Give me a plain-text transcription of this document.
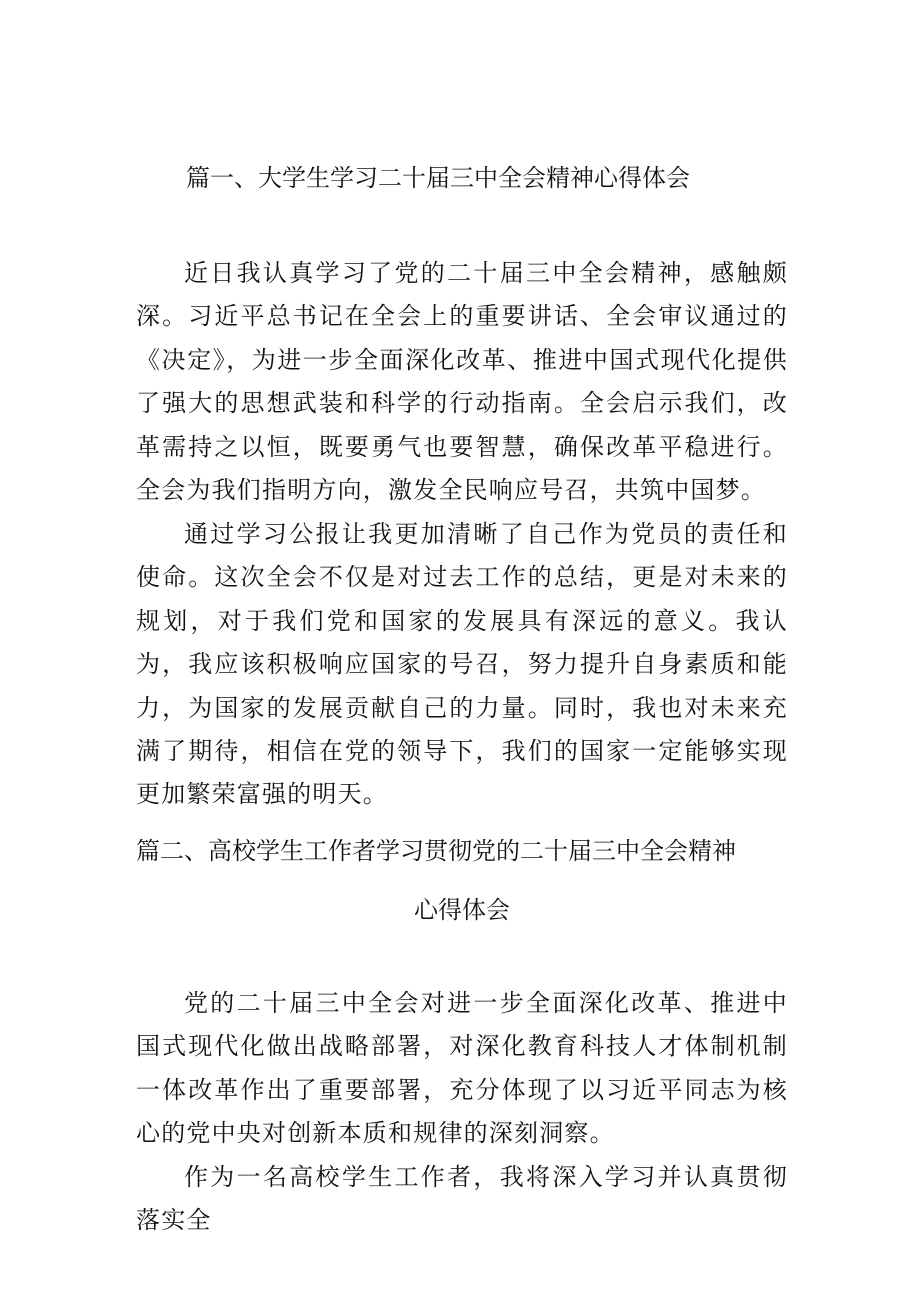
篇一、大学生学习二十届三中全会精神心得体会

近日我认真学习了党的二十届三中全会精神，感触颇深。习近平总书记在全会上的重要讲话、全会审议通过的《决定》，为进一步全面深化改革、推进中国式现代化提供了强大的思想武装和科学的行动指南。全会启示我们，改革需持之以恒，既要勇气也要智慧，确保改革平稳进行。全会为我们指明方向，激发全民响应号召，共筑中国梦。

通过学习公报让我更加清晰了自己作为党员的责任和使命。这次全会不仅是对过去工作的总结，更是对未来的规划，对于我们党和国家的发展具有深远的意义。我认为，我应该积极响应国家的号召，努力提升自身素质和能力，为国家的发展贡献自己的力量。同时，我也对未来充满了期待，相信在党的领导下，我们的国家一定能够实现更加繁荣富强的明天。

篇二、高校学生工作者学习贯彻党的二十届三中全会精神
心得体会

党的二十届三中全会对进一步全面深化改革、推进中国式现代化做出战略部署，对深化教育科技人才体制机制一体改革作出了重要部署，充分体现了以习近平同志为核心的党中央对创新本质和规律的深刻洞察。

作为一名高校学生工作者，我将深入学习并认真贯彻落实全
